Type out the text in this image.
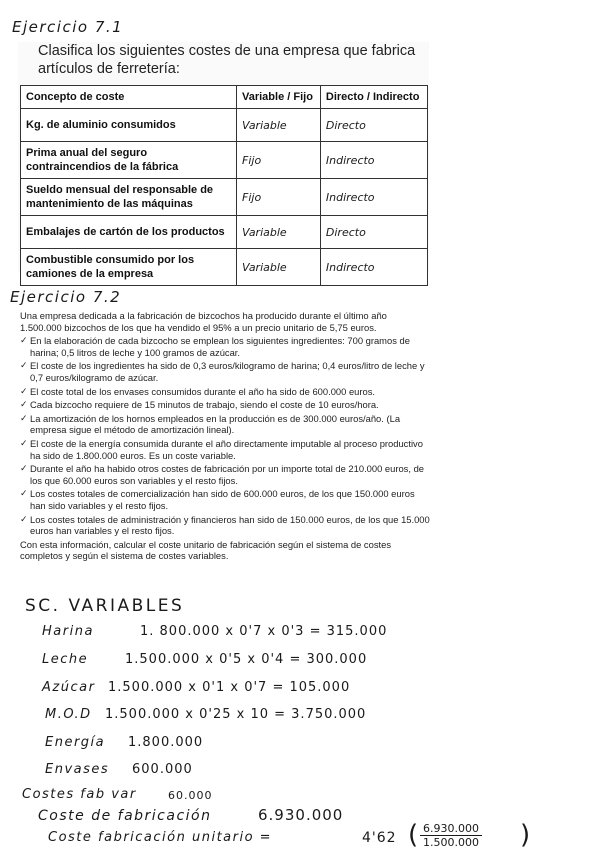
Ejercicio 7.1
Clasifica los siguientes costes de una empresa que fabrica artículos de ferretería:
Concepto de coste	Variable / Fijo	Directo / Indirecto
Kg. de aluminio consumidos	Variable	Directo
Prima anual del seguro contraincendios de la fábrica	Fijo	Indirecto
Sueldo mensual del responsable de mantenimiento de las máquinas	Fijo	Indirecto
Embalajes de cartón de los productos	Variable	Directo
Combustible consumido por los camiones de la empresa	Variable	Indirecto
Ejercicio 7.2

Una empresa dedicada a la fabricación de bizcochos ha producido durante el último año 1.500.000 bizcochos de los que ha vendido el 95% a un precio unitario de 5,75 euros.

✓ En la elaboración de cada bizcocho se emplean los siguientes ingredientes: 700 gramos de harina; 0,5 litros de leche y 100 gramos de azúcar.
✓ El coste de los ingredientes ha sido de 0,3 euros/kilogramo de harina; 0,4 euros/litro de leche y 0,7 euros/kilogramo de azúcar.
✓ El coste total de los envases consumidos durante el año ha sido de 600.000 euros.
✓ Cada bizcocho requiere de 15 minutos de trabajo, siendo el coste de 10 euros/hora.
✓ La amortización de los hornos empleados en la producción es de 300.000 euros/año. (La empresa sigue el método de amortización lineal).
✓ El coste de la energía consumida durante el año directamente imputable al proceso productivo ha sido de 1.800.000 euros. Es un coste variable.
✓ Durante el año ha habido otros costes de fabricación por un importe total de 210.000 euros, de los que 60.000 euros son variables y el resto fijos.
✓ Los costes totales de comercialización han sido de 600.000 euros, de los que 150.000 euros han sido variables y el resto fijos.
✓ Los costes totales de administración y financieros han sido de 150.000 euros, de los que 15.000 euros han variables y el resto fijos.

Con esta información, calcular el coste unitario de fabricación según el sistema de costes completos y según el sistema de costes variables.

SC. VARIABLES
Harina	1. 800.000 x 0'7 x 0'3 = 315.000
Leche	1.500.000 x 0'5 x 0'4 = 300.000
Azúcar 1.500.000 x 0'1 x 0'7 = 105.000
M.O.D 1.500.000 x 0'25 x 10 = 3.750.000
Energía 1.800.000
Envases 600.000
Costes fab var	60.000
Coste de fabricación	6.930.000
Coste fabricación unitario =	4'62 ( $\frac{6.930.000}{1.500.000}$ )
